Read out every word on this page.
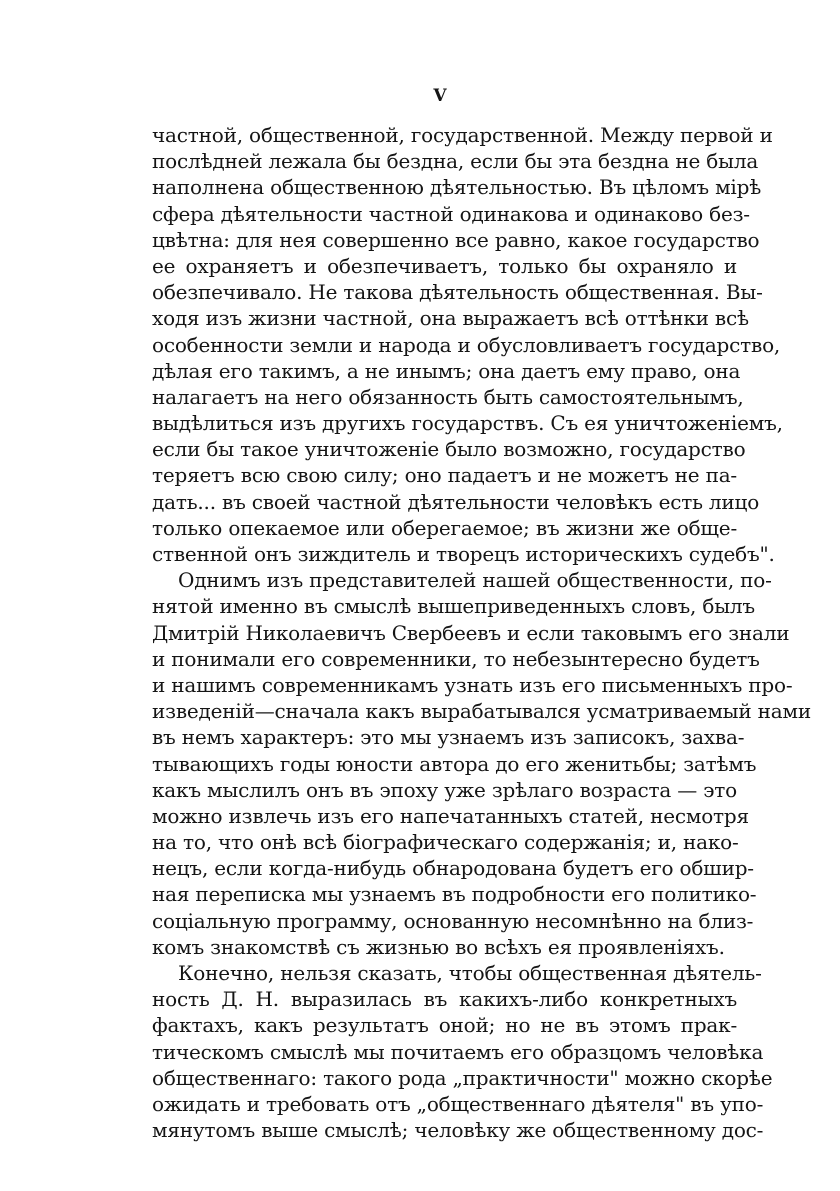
V
частной, общественной, государственной. Между первой и
послѣдней лежала бы бездна, если бы эта бездна не была
наполнена общественною дѣятельностью. Въ цѣломъ мірѣ
сфера дѣятельности частной одинакова и одинаково без-
цвѣтна: для нея совершенно все равно, какое государство
ее охраняетъ и обезпечиваетъ, только бы охраняло и
обезпечивало. Не такова дѣятельность общественная. Вы-
ходя изъ жизни частной, она выражаетъ всѣ оттѣнки всѣ
особенности земли и народа и обусловливаетъ государство,
дѣлая его такимъ, а не инымъ; она даетъ ему право, она
налагаетъ на него обязанность быть самостоятельнымъ,
выдѣлиться изъ другихъ государствъ. Съ ея уничтоженіемъ,
если бы такое уничтоженіе было возможно, государство
теряетъ всю свою силу; оно падаетъ и не можетъ не па-
дать... въ своей частной дѣятельности человѣкъ есть лицо
только опекаемое или оберегаемое; въ жизни же обще-
ственной онъ зиждитель и творецъ историческихъ судебъ".
Однимъ изъ представителей нашей общественности, по-
нятой именно въ смыслѣ вышеприведенныхъ словъ, былъ
Дмитрій Николаевичъ Свербеевъ и если таковымъ его знали
и понимали его современники, то небезынтересно будетъ
и нашимъ современникамъ узнать изъ его письменныхъ про-
изведеній—сначала какъ вырабатывался усматриваемый нами
въ немъ характеръ: это мы узнаемъ изъ записокъ, захва-
тывающихъ годы юности автора до его женитьбы; затѣмъ
какъ мыслилъ онъ въ эпоху уже зрѣлаго возраста — это
можно извлечь изъ его напечатанныхъ статей, несмотря
на то, что онѣ всѣ біографическаго содержанія; и, нако-
нецъ, если когда-нибудь обнародована будетъ его обшир-
ная переписка мы узнаемъ въ подробности его политико-
соціальную программу, основанную несомнѣнно на близ-
комъ знакомствѣ съ жизнью во всѣхъ ея проявленіяхъ.
Конечно, нельзя сказать, чтобы общественная дѣятель-
ность Д. Н. выразилась въ какихъ-либо конкретныхъ
фактахъ, какъ результатъ оной; но не въ этомъ прак-
тическомъ смыслѣ мы почитаемъ его образцомъ человѣка
общественнаго: такого рода „практичности" можно скорѣе
ожидать и требовать отъ „общественнаго дѣятеля" въ упо-
мянутомъ выше смыслѣ; человѣку же общественному дос-
